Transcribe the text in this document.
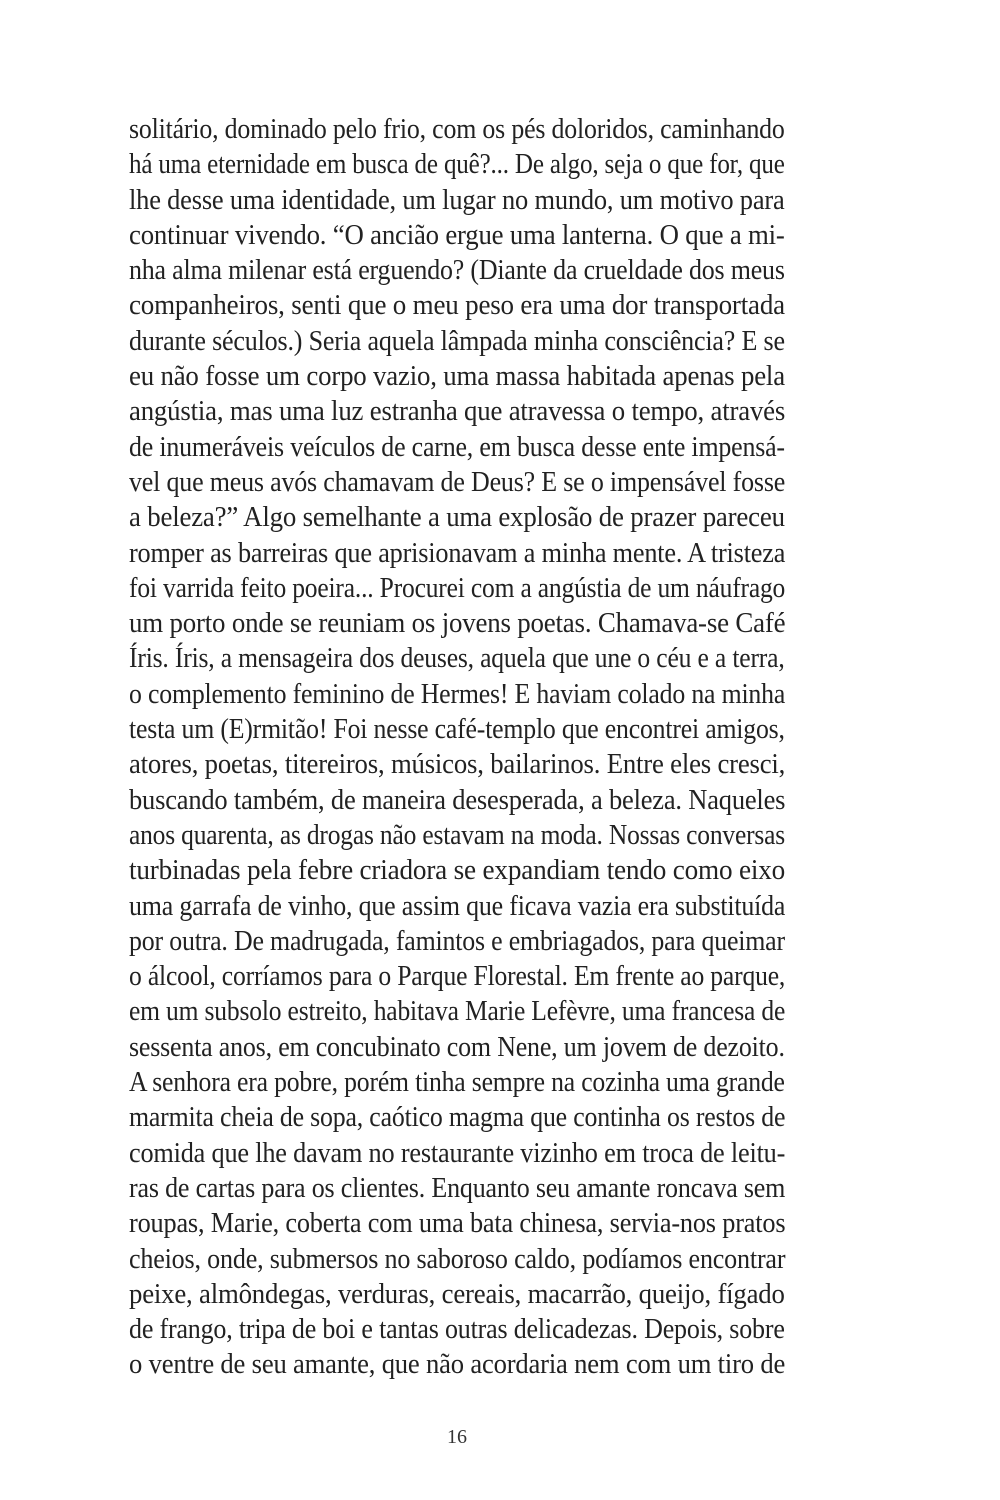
solitário, dominado pelo frio, com os pés doloridos, caminhando
há uma eternidade em busca de quê?... De algo, seja o que for, que
lhe desse uma identidade, um lugar no mundo, um motivo para
continuar vivendo. “O ancião ergue uma lanterna. O que a mi-
nha alma milenar está erguendo? (Diante da crueldade dos meus
companheiros, senti que o meu peso era uma dor transportada
durante séculos.) Seria aquela lâmpada minha consciência? E se
eu não fosse um corpo vazio, uma massa habitada apenas pela
angústia, mas uma luz estranha que atravessa o tempo, através
de inumeráveis veículos de carne, em busca desse ente impensá-
vel que meus avós chamavam de Deus? E se o impensável fosse
a beleza?” Algo semelhante a uma explosão de prazer pareceu
romper as barreiras que aprisionavam a minha mente. A tristeza
foi varrida feito poeira... Procurei com a angústia de um náufrago
um porto onde se reuniam os jovens poetas. Chamava-se Café
Íris. Íris, a mensageira dos deuses, aquela que une o céu e a terra,
o complemento feminino de Hermes! E haviam colado na minha
testa um (E)rmitão! Foi nesse café-templo que encontrei amigos,
atores, poetas, titereiros, músicos, bailarinos. Entre eles cresci,
buscando também, de maneira desesperada, a beleza. Naqueles
anos quarenta, as drogas não estavam na moda. Nossas conversas
turbinadas pela febre criadora se expandiam tendo como eixo
uma garrafa de vinho, que assim que ficava vazia era substituída
por outra. De madrugada, famintos e embriagados, para queimar
o álcool, corríamos para o Parque Florestal. Em frente ao parque,
em um subsolo estreito, habitava Marie Lefèvre, uma francesa de
sessenta anos, em concubinato com Nene, um jovem de dezoito.
A senhora era pobre, porém tinha sempre na cozinha uma grande
marmita cheia de sopa, caótico magma que continha os restos de
comida que lhe davam no restaurante vizinho em troca de leitu-
ras de cartas para os clientes. Enquanto seu amante roncava sem
roupas, Marie, coberta com uma bata chinesa, servia-nos pratos
cheios, onde, submersos no saboroso caldo, podíamos encontrar
peixe, almôndegas, verduras, cereais, macarrão, queijo, fígado
de frango, tripa de boi e tantas outras delicadezas. Depois, sobre
o ventre de seu amante, que não acordaria nem com um tiro de
16
